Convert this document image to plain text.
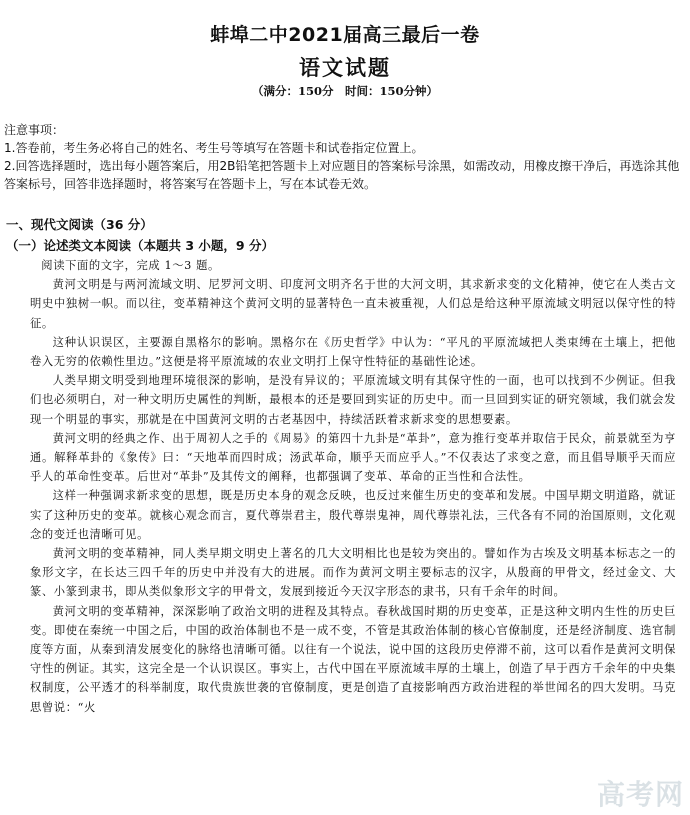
蚌埠二中2021届高三最后一卷
语文试题
（满分：150分　时间：150分钟）

注意事项：

1.答卷前，考生务必将自己的姓名、考生号等填写在答题卡和试卷指定位置上。

2.回答选择题时，选出每小题答案后，用2B铅笔把答题卡上对应题目的答案标号涂黑，如需改动，用橡皮擦干净后，再选涂其他答案标号，回答非选择题时，将答案写在答题卡上，写在本试卷无效。

一、现代文阅读（36 分）
（一）论述类文本阅读（本题共 3 小题，9 分）

阅读下面的文字，完成 1～3 题。

黄河文明是与两河流域文明、尼罗河文明、印度河文明齐名于世的大河文明，其求新求变的文化精神，使它在人类古文明史中独树一帜。而以往，变革精神这个黄河文明的显著特色一直未被重视，人们总是给这种平原流域文明冠以保守性的特征。

这种认识误区，主要源自黑格尔的影响。黑格尔在《历史哲学》中认为：“平凡的平原流域把人类束缚在土壤上，把他卷入无穷的依赖性里边。”这便是将平原流域的农业文明打上保守性特征的基础性论述。

人类早期文明受到地理环境很深的影响，是没有异议的；平原流域文明有其保守性的一面，也可以找到不少例证。但我们也必须明白，对一种文明历史属性的判断，最根本的还是要回到实证的历史中。而一旦回到实证的研究领域，我们就会发现一个明显的事实，那就是在中国黄河文明的古老基因中，持续活跃着求新求变的思想要素。

黄河文明的经典之作、出于周初人之手的《周易》的第四十九卦是“革卦”，意为推行变革并取信于民众，前景就至为亨通。解释革卦的《象传》曰：“天地革而四时成；汤武革命，顺乎天而应乎人。”不仅表达了求变之意，而且倡导顺乎天而应乎人的革命性变革。后世对“革卦”及其传文的阐释，也都强调了变革、革命的正当性和合法性。

这样一种强调求新求变的思想，既是历史本身的观念反映，也反过来催生历史的变革和发展。中国早期文明道路，就证实了这种历史的变革。就核心观念而言，夏代尊崇君主，殷代尊崇鬼神，周代尊崇礼法，三代各有不同的治国原则，文化观念的变迁也清晰可见。

黄河文明的变革精神，同人类早期文明史上著名的几大文明相比也是较为突出的。譬如作为古埃及文明基本标志之一的象形文字，在长达三四千年的历史中并没有大的进展。而作为黄河文明主要标志的汉字，从殷商的甲骨文，经过金文、大篆、小篆到隶书，即从类似象形文字的甲骨文，发展到接近今天汉字形态的隶书，只有千余年的时间。

黄河文明的变革精神，深深影响了政治文明的进程及其特点。春秋战国时期的历史变革，正是这种文明内生性的历史巨变。即使在秦统一中国之后，中国的政治体制也不是一成不变，不管是其政治体制的核心官僚制度，还是经济制度、选官制度等方面，从秦到清发展变化的脉络也清晰可循。以往有一个说法，说中国的这段历史停滞不前，这可以看作是黄河文明保守性的例证。其实，这完全是一个认识误区。事实上，古代中国在平原流域丰厚的土壤上，创造了早于西方千余年的中央集权制度，公平透才的科举制度，取代贵族世袭的官僚制度，更是创造了直接影响西方政治进程的举世闻名的四大发明。马克思曾说：“火

高考网
